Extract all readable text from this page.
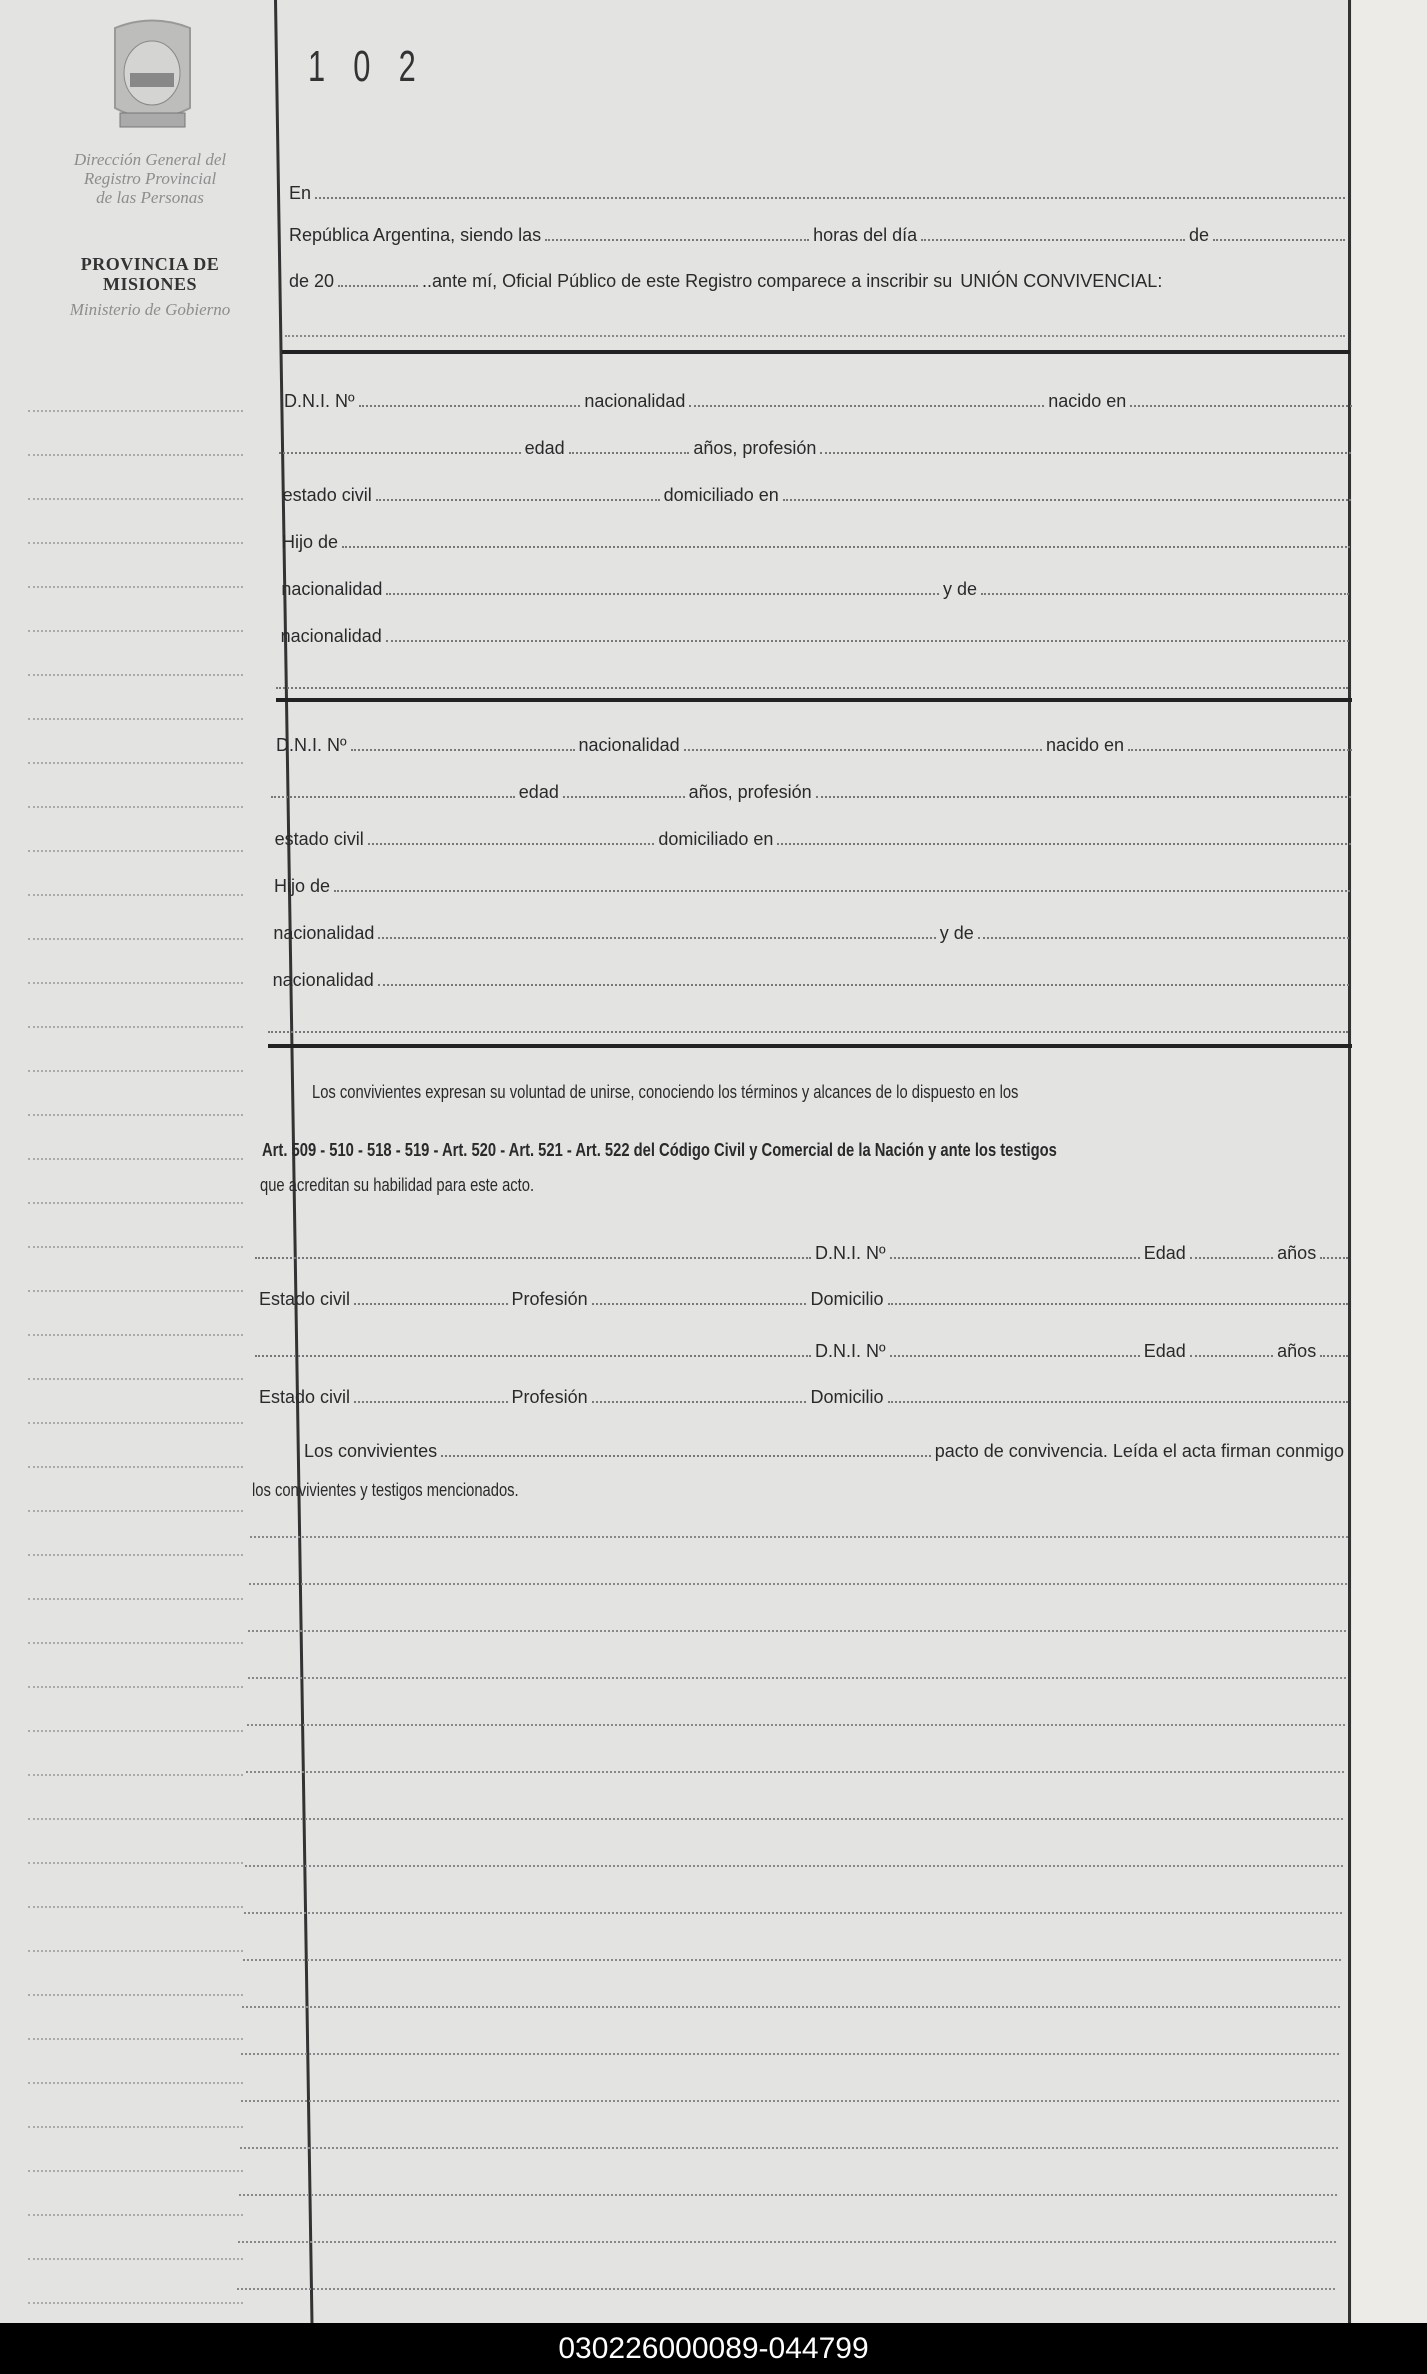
Dirección General del
Registro Provincial
de las Personas
PROVINCIA DE
MISIONES
Ministerio de Gobierno
1 0 2
En
República Argentina, siendo las	horas del día	de
de 20	..ante mí, Oficial Público de este Registro comparece a inscribir su UNIÓN CONVIVENCIAL:
D.N.I. Nº	nacionalidad	nacido en
edad	años, profesión
estado civil	domiciliado en
Hijo de
nacionalidad	y de
nacionalidad
D.N.I. Nº	nacionalidad	nacido en
edad	años, profesión
estado civil	domiciliado en
Hijo de
nacionalidad	y de
nacionalidad
Los convivientes expresan su voluntad de unirse, conociendo los términos y alcances de lo dispuesto en los
Art. 509 - 510 - 518 - 519 - Art. 520 - Art. 521 - Art. 522 del Código Civil y Comercial de la Nación y ante los testigos
que acreditan su habilidad para este acto.
D.N.I. Nº	Edad	años
Estado civil	Profesión	Domicilio
D.N.I. Nº	Edad	años
Estado civil	Profesión	Domicilio
Los convivientes	pacto de convivencia. Leída el acta firman conmigo
los convivientes y testigos mencionados.
030226000089-044799
